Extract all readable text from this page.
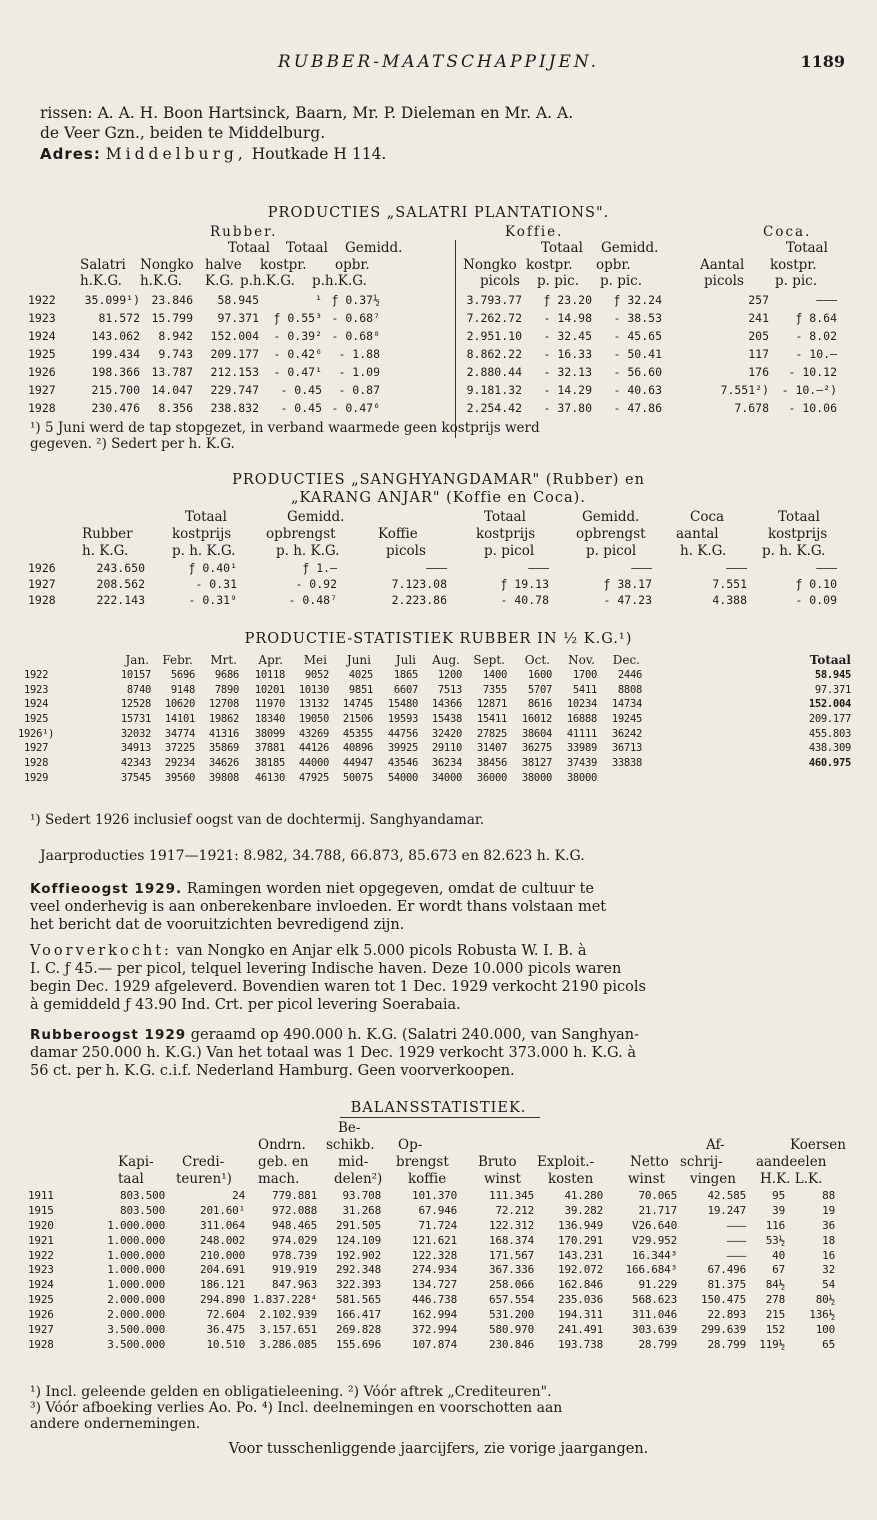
RUBBER-MAATSCHAPPIJEN.	1189
rissen: A. A. H. Boon Hartsinck, Baarn, Mr. P. Dieleman en Mr. A. A.
de Veer Gzn., beiden te Middelburg.
Adres: Middelburg, Houtkade H 114.
PRODUCTIES „SALATRI PLANTATIONS".
Rubber.	Koffie.	Coca.
Totaal Totaal Gemidd.	Totaal Gemidd.	Totaal
Salatri Nongko halve kostpr. opbr.	Nongko kostpr. opbr.	Aantal kostpr.
h.K.G. h.K.G. K.G. p.h.K.G. p.h.K.G.	picols p. pic. p. pic.	picols p. pic.
1922	35.099¹) 23.846 58.945	¹ ƒ 0.37½	3.793.77 ƒ 23.20 ƒ 32.24	257	———
1923	81.572 15.799 97.371 ƒ 0.55³ - 0.68⁷	7.262.72 - 14.98 - 38.53	241 ƒ 8.64
1924	143.062 8.942 152.004 - 0.39² - 0.68⁸	2.951.10 - 32.45 - 45.65	205 - 8.02
1925	199.434 9.743 209.177 - 0.42⁶ - 1.88	8.862.22 - 16.33 - 50.41	117 - 10.—
1926	198.366 13.787 212.153 - 0.47¹ - 1.09	2.880.44 - 32.13 - 56.60	176 - 10.12
1927	215.700 14.047 229.747 - 0.45 - 0.87	9.181.32 - 14.29 - 40.63	7.551²) - 10.—²)
1928	230.476 8.356 238.832 - 0.45 - 0.47⁶	2.254.42 - 37.80 - 47.86	7.678 - 10.06
¹) 5 Juni werd de tap stopgezet, in verband waarmede geen kostprijs werd
gegeven. ²) Sedert per h. K.G.
PRODUCTIES „SANGHYANGDAMAR" (Rubber) en
„KARANG ANJAR" (Koffie en Coca).
Totaal	Gemidd.	Totaal	Gemidd.	Coca	Totaal
Rubber	kostprijs	opbrengst	Koffie	kostprijs	opbrengst aantal	kostprijs
h. K.G.	p. h. K.G.	p. h. K.G.	picols	p. picol	p. picol	h. K.G.	p. h. K.G.
1926	243.650	ƒ 0.40¹	ƒ 1.—	———	———	———	———	———
1927	208.562	- 0.31	- 0.92	7.123.08	ƒ 19.13	ƒ 38.17	7.551	ƒ 0.10
1928	222.143	- 0.31⁹	- 0.48⁷	2.223.86	- 40.78	- 47.23	4.388	- 0.09
PRODUCTIE-STATISTIEK RUBBER IN ½ K.G.¹)
Jan. Febr. Mrt. Apr. Mei Juni Juli Aug. Sept. Oct. Nov. Dec.	Totaal
1922	10157 5696 9686 10118 9052 4025 1865 1200 1400 1600 1700 2446	58.945
1923	8740 9148 7890 10201 10130 9851 6607 7513 7355 5707 5411 8808	97.371
1924	12528 10620 12708 11970 13132 14745 15480 14366 12871 8616 10234 14734	152.004
1925	15731 14101 19862 18340 19050 21506 19593 15438 15411 16012 16888 19245	209.177
1926¹)	32032 34774 41316 38099 43269 45355 44756 32420 27825 38604 41111 36242	455.803
1927	34913 37225 35869 37881 44126 40896 39925 29110 31407 36275 33989 36713	438.309
1928	42343 29234 34626 38185 44000 44947 43546 36234 38456 38127 37439 33838	460.975
1929	37545 39560 39808 46130 47925 50075 54000 34000 36000 38000 38000
¹) Sedert 1926 inclusief oogst van de dochtermij. Sanghyandamar.
Jaarproducties 1917—1921: 8.982, 34.788, 66.873, 85.673 en 82.623 h. K.G.
Koffieoogst 1929. Ramingen worden niet opgegeven, omdat de cultuur te
veel onderhevig is aan onberekenbare invloeden. Er wordt thans volstaan met
het bericht dat de vooruitzichten bevredigend zijn.
Voorverkocht: van Nongko en Anjar elk 5.000 picols Robusta W. I. B. à
I. C. ƒ 45.— per picol, telquel levering Indische haven. Deze 10.000 picols waren
begin Dec. 1929 afgeleverd. Bovendien waren tot 1 Dec. 1929 verkocht 2190 picols
à gemiddeld ƒ 43.90 Ind. Crt. per picol levering Soerabaia.
Rubberoogst 1929 geraamd op 490.000 h. K.G. (Salatri 240.000, van Sanghyan-
damar 250.000 h. K.G.) Van het totaal was 1 Dec. 1929 verkocht 373.000 h. K.G. à
56 ct. per h. K.G. c.i.f. Nederland Hamburg. Geen voorverkoopen.
BALANSSTATISTIEK.
Be-
Ondrn. schikb. Op-	Af-	Koersen
Kapi- Credi- geb. en mid- brengst Bruto Exploit.-	Netto schrij- aandeelen
taal teuren¹) mach.	delen²) koffie	winst kosten	winst vingen H.K. L.K.
1911	803.500	24 779.881 93.708	101.370	111.345	41.280	70.065	42.585 95	88
1915	803.500	201.60¹ 972.088 31.268	67.946	72.212	39.282	21.717	19.247 39	19
1920	1.000.000	311.064 948.465 291.505	71.724	122.312 136.949	V26.640	——— 116	36
1921	1.000.000	248.002 974.029 124.109	121.621	168.374 170.291	V29.952	——— 53½	18
1922	1.000.000	210.000 978.739 192.902	122.328	171.567 143.231	16.344³	——— 40	16
1923	1.000.000	204.691 919.919 292.348	274.934	367.336 192.072 166.684³	67.496 67	32
1924	1.000.000	186.121 847.963 322.393	134.727	258.066 162.846	91.229	81.375 84½	54
1925	2.000.000	294.890 1.837.228⁴ 581.565	446.738	657.554 235.036	568.623 150.475 278	80½
1926	2.000.000	72.604 2.102.939 166.417	162.994	531.200 194.311	311.046	22.893 215 136½
1927	3.500.000	36.475 3.157.651 269.828	372.994	580.970 241.491	303.639 299.639 152	100
1928	3.500.000	10.510 3.286.085 155.696	107.874	230.846 193.738	28.799	28.799 119½	65
¹) Incl. geleende gelden en obligatieleening. ²) Vóór aftrek „Crediteuren".
³) Vóór afboeking verlies Ao. Po. ⁴) Incl. deelnemingen en voorschotten aan
andere ondernemingen.
Voor tusschenliggende jaarcijfers, zie vorige jaargangen.
